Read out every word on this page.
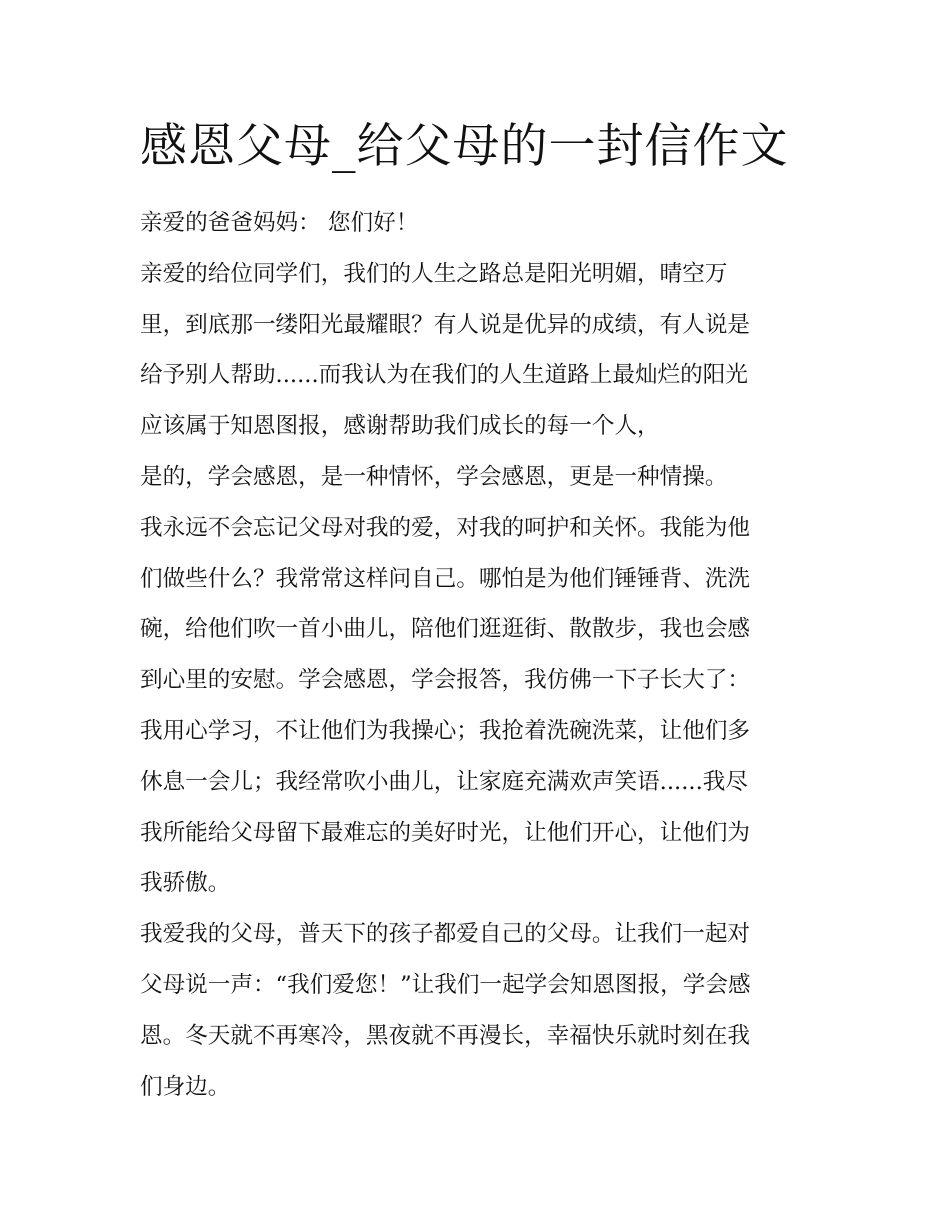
感恩父母_给父母的一封信作文
亲爱的爸爸妈妈： 您们好！
亲爱的给位同学们，我们的人生之路总是阳光明媚，晴空万
里，到底那一缕阳光最耀眼？有人说是优异的成绩，有人说是
给予别人帮助......而我认为在我们的人生道路上最灿烂的阳光
应该属于知恩图报，感谢帮助我们成长的每一个人，
是的，学会感恩，是一种情怀，学会感恩，更是一种情操。
我永远不会忘记父母对我的爱，对我的呵护和关怀。我能为他
们做些什么？我常常这样问自己。哪怕是为他们锤锤背、洗洗
碗，给他们吹一首小曲儿，陪他们逛逛街、散散步，我也会感
到心里的安慰。学会感恩，学会报答，我仿佛一下子长大了：
我用心学习，不让他们为我操心；我抢着洗碗洗菜，让他们多
休息一会儿；我经常吹小曲儿，让家庭充满欢声笑语......我尽
我所能给父母留下最难忘的美好时光，让他们开心，让他们为
我骄傲。
我爱我的父母，普天下的孩子都爱自己的父母。让我们一起对
父母说一声：“我们爱您！”让我们一起学会知恩图报，学会感
恩。冬天就不再寒冷，黑夜就不再漫长，幸福快乐就时刻在我
们身边。
